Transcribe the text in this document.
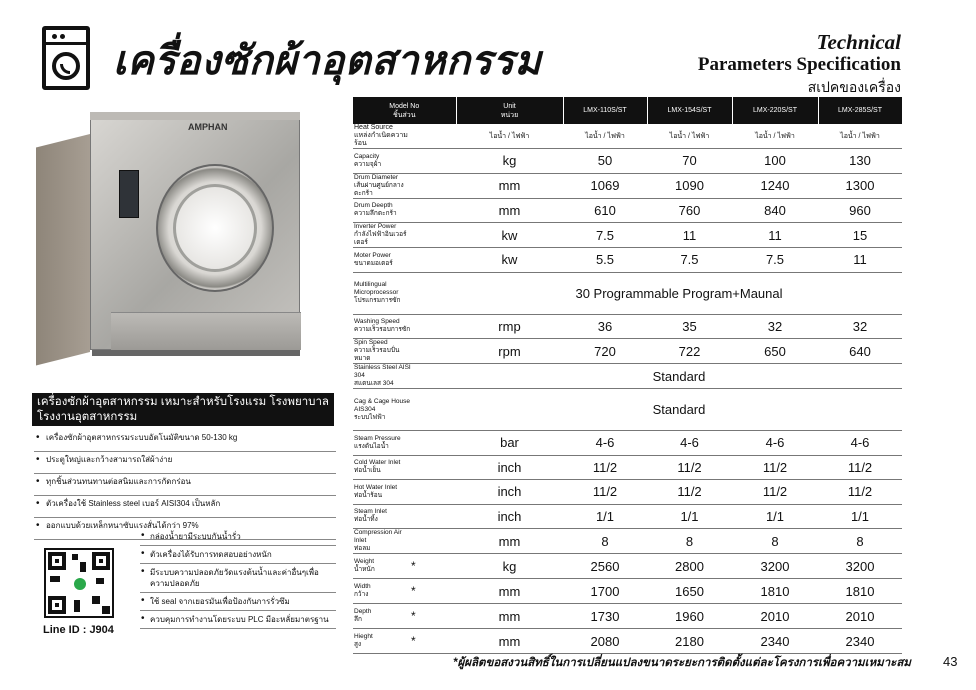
เครื่องซักผ้าอุตสาหกรรม	Technical
Parameters Specification
สเปคของเครื่อง
AMPHAN
เครื่องซักผ้าอุตสาหกรรม เหมาะสำหรับโรงแรม โรงพยาบาล โรงงานอุตสาหกรรม
• เครื่องซักผ้าอุตสาหกรรมระบบอัตโนมัติขนาด 50-130 kg
• ประตูใหญ่และกว้างสามารถใส่ผ้าง่าย
• ทุกชิ้นส่วนทนทานต่อสนิมและการกัดกร่อน
• ตัวเครื่องใช้ Stainless steel เบอร์ AISI304 เป็นหลัก
• ออกแบบด้วยเหล็กหนาซับแรงสั่นได้กว่า 97%
• กล่องน้ำยามีระบบกันน้ำรั่ว
• ตัวเครื่องได้รับการทดสอบอย่างหนัก
• มีระบบความปลอดภัยวัดแรงต้นน้ำและค่าอื่นๆเพื่อความปลอดภัย
• ใช้ seal จากเยอรมันเพื่อป้องกันการรั่วซึม
• ควบคุมการทำงานโดยระบบ PLC มีอะหลั่ยมาตรฐาน
Line ID : J904
Model No
ชิ้นส่วน		Unit
หน่วย	LMX-110S/ST	LMX-154S/ST	LMX-220S/ST	LMX-285S/ST

Heat Source
แหล่งกำเนิดความร้อน		ไอน้ำ / ไฟฟ้า	ไอน้ำ / ไฟฟ้า	ไอน้ำ / ไฟฟ้า	ไอน้ำ / ไฟฟ้า	ไอน้ำ / ไฟฟ้า

Capacity
ความจุผ้า		kg	50	70	100	130

Drum Diameter
เส้นผ่านศูนย์กลาง ตะกร้า		mm	1069	1090	1240	1300

Drum Deepth
ความลึกตะกร้า		mm	610	760	840	960

Inverter Power
กำลังไฟฟ้าอินเวอร์เตอร์		kw	7.5	11	11	15

Moter Power
ขนาดมอเตอร์		kw	5.5	7.5	7.5	11

Multilingual
Microprocessor
โปรแกรมการซัก		30 Programmable Program+Maunal				

Washing Speed
ความเร็วรอบการซัก		rmp	36	35	32	32

Spin Speed
ความเร็วรอบปั่นหมาด		rpm	720	722	650	640

Stainless Steel AISI 304
สแตนเลส 304		Standard				

Cag & Cage House
AIS304
ระบบไฟฟ้า		Standard				

Steam Pressure
แรงดันไอน้ำ		bar	4-6	4-6	4-6	4-6

Cold Water Inlet
ท่อน้ำเย็น		inch	11/2	11/2	11/2	11/2

Hot Water Inlet
ท่อน้ำร้อน		inch	11/2	11/2	11/2	11/2

Steam Inlet
ท่อน้ำทิ้ง		inch	1/1	1/1	1/1	1/1

Compression Air Inlet
ท่อลม		mm	8	8	8	8

Weight
น้ำหนัก	*	kg	2560	2800	3200	3200

Width
กว้าง	*	mm	1700	1650	1810	1810

Depth
ลึก	*	mm	1730	1960	2010	2010

Hieght
สูง	*	mm	2080	2180	2340	2340
*ผู้ผลิตขอสงวนสิทธิ์ในการเปลี่ยนแปลงขนาดระยะการติดตั้งแต่ละโครงการเพื่อความเหมาะสม 43
